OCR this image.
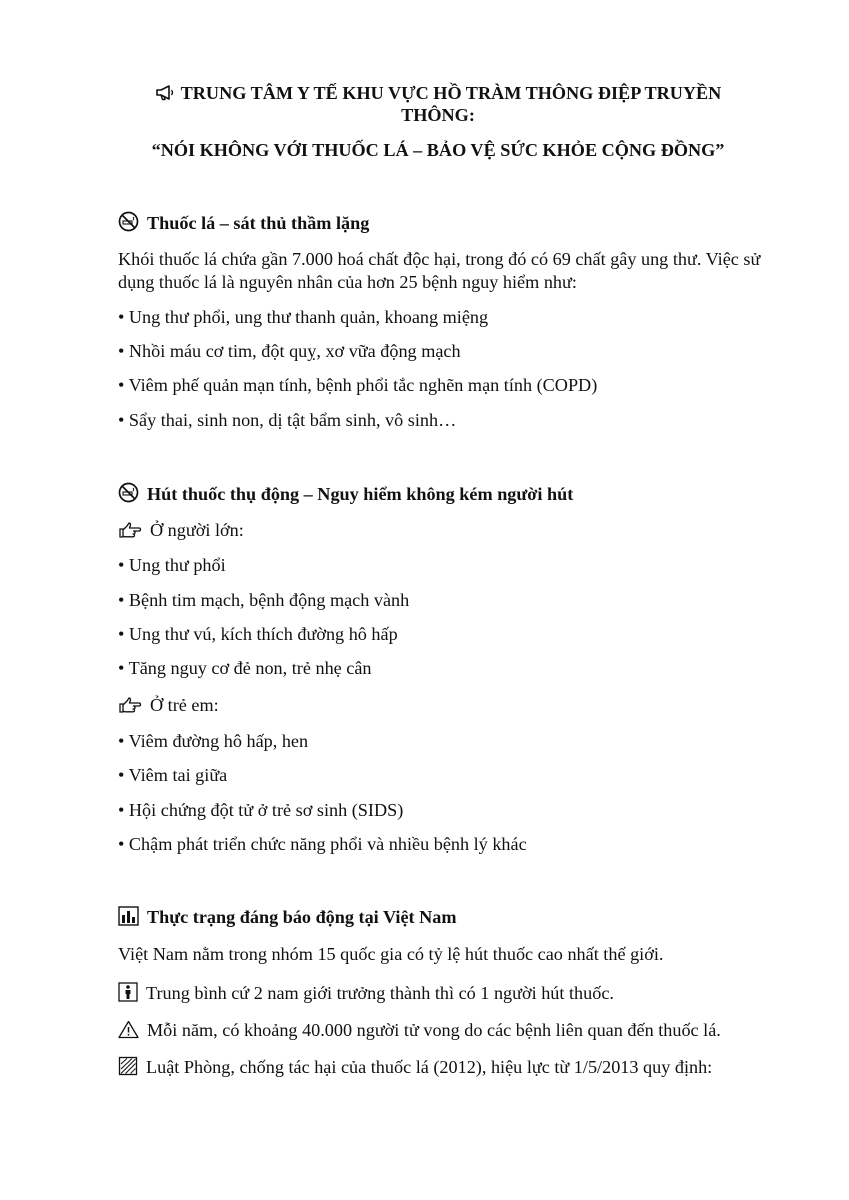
TRUNG TÂM Y TẾ KHU VỰC HỒ TRÀM THÔNG ĐIỆP TRUYỀN THÔNG:
“NÓI KHÔNG VỚI THUỐC LÁ – BẢO VỆ SỨC KHỎE CỘNG ĐỒNG”
Thuốc lá – sát thủ thầm lặng
Khói thuốc lá chứa gần 7.000 hoá chất độc hại, trong đó có 69 chất gây ung thư. Việc sử dụng thuốc lá là nguyên nhân của hơn 25 bệnh nguy hiểm như:
• Ung thư phổi, ung thư thanh quản, khoang miệng
• Nhồi máu cơ tim, đột quỵ, xơ vữa động mạch
• Viêm phế quản mạn tính, bệnh phổi tắc nghẽn mạn tính (COPD)
• Sẩy thai, sinh non, dị tật bẩm sinh, vô sinh…
Hút thuốc thụ động – Nguy hiểm không kém người hút
Ở người lớn:
• Ung thư phổi
• Bệnh tim mạch, bệnh động mạch vành
• Ung thư vú, kích thích đường hô hấp
• Tăng nguy cơ đẻ non, trẻ nhẹ cân
Ở trẻ em:
• Viêm đường hô hấp, hen
• Viêm tai giữa
• Hội chứng đột tử ở trẻ sơ sinh (SIDS)
• Chậm phát triển chức năng phổi và nhiều bệnh lý khác
Thực trạng đáng báo động tại Việt Nam
Việt Nam nằm trong nhóm 15 quốc gia có tỷ lệ hút thuốc cao nhất thế giới.
Trung bình cứ 2 nam giới trưởng thành thì có 1 người hút thuốc.
Mỗi năm, có khoảng 40.000 người tử vong do các bệnh liên quan đến thuốc lá.
Luật Phòng, chống tác hại của thuốc lá (2012), hiệu lực từ 1/5/2013 quy định:
